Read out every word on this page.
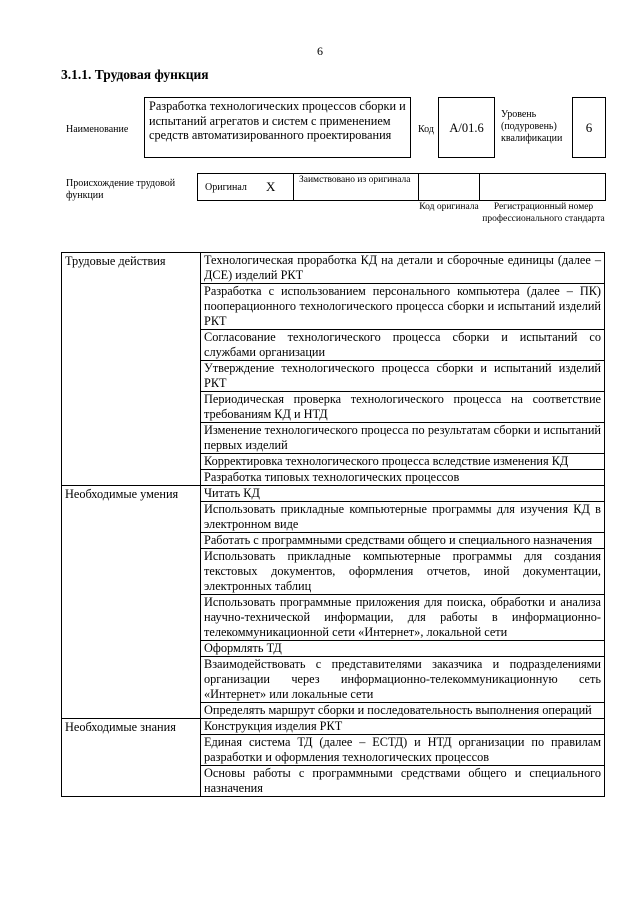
6
3.1.1. Трудовая функция
Наименование
Разработка технологических процессов сборки и испытаний агрегатов и систем с применением средств автоматизированного проектирования	Код	А/01.6
Уровень (подуровень) квалификации
6
Происхождение трудовой функции
Оригинал Х Заимствовано из оригинала
Код оригинала	Регистрационный номер профессионального стандарта
Трудовые действия	Технологическая проработка КД на детали и сборочные единицы (далее – ДСЕ) изделий РКТ
	Разработка с использованием персонального компьютера (далее – ПК) пооперационного технологического процесса сборки и испытаний изделий РКТ
	Согласование технологического процесса сборки и испытаний со службами организации
	Утверждение технологического процесса сборки и испытаний изделий РКТ
	Периодическая проверка технологического процесса на соответствие требованиям КД и НТД
	Изменение технологического процесса по результатам сборки и испытаний первых изделий
	Корректировка технологического процесса вследствие изменения КД
	Разработка типовых технологических процессов
Необходимые умения	Читать КД
	Использовать прикладные компьютерные программы для изучения КД в электронном виде
	Работать с программными средствами общего и специального назначения
	Использовать прикладные компьютерные программы для создания текстовых документов, оформления отчетов, иной документации, электронных таблиц
	Использовать программные приложения для поиска, обработки и анализа научно-технической информации, для работы в информационно-телекоммуникационной сети «Интернет», локальной сети
	Оформлять ТД
	Взаимодействовать с представителями заказчика и подразделениями организации через информационно-телекоммуникационную сеть «Интернет» или локальные сети
	Определять маршрут сборки и последовательность выполнения операций
Необходимые знания	Конструкция изделия РКТ
	Единая система ТД (далее – ЕСТД) и НТД организации по правилам разработки и оформления технологических процессов
	Основы работы с программными средствами общего и специального назначения
